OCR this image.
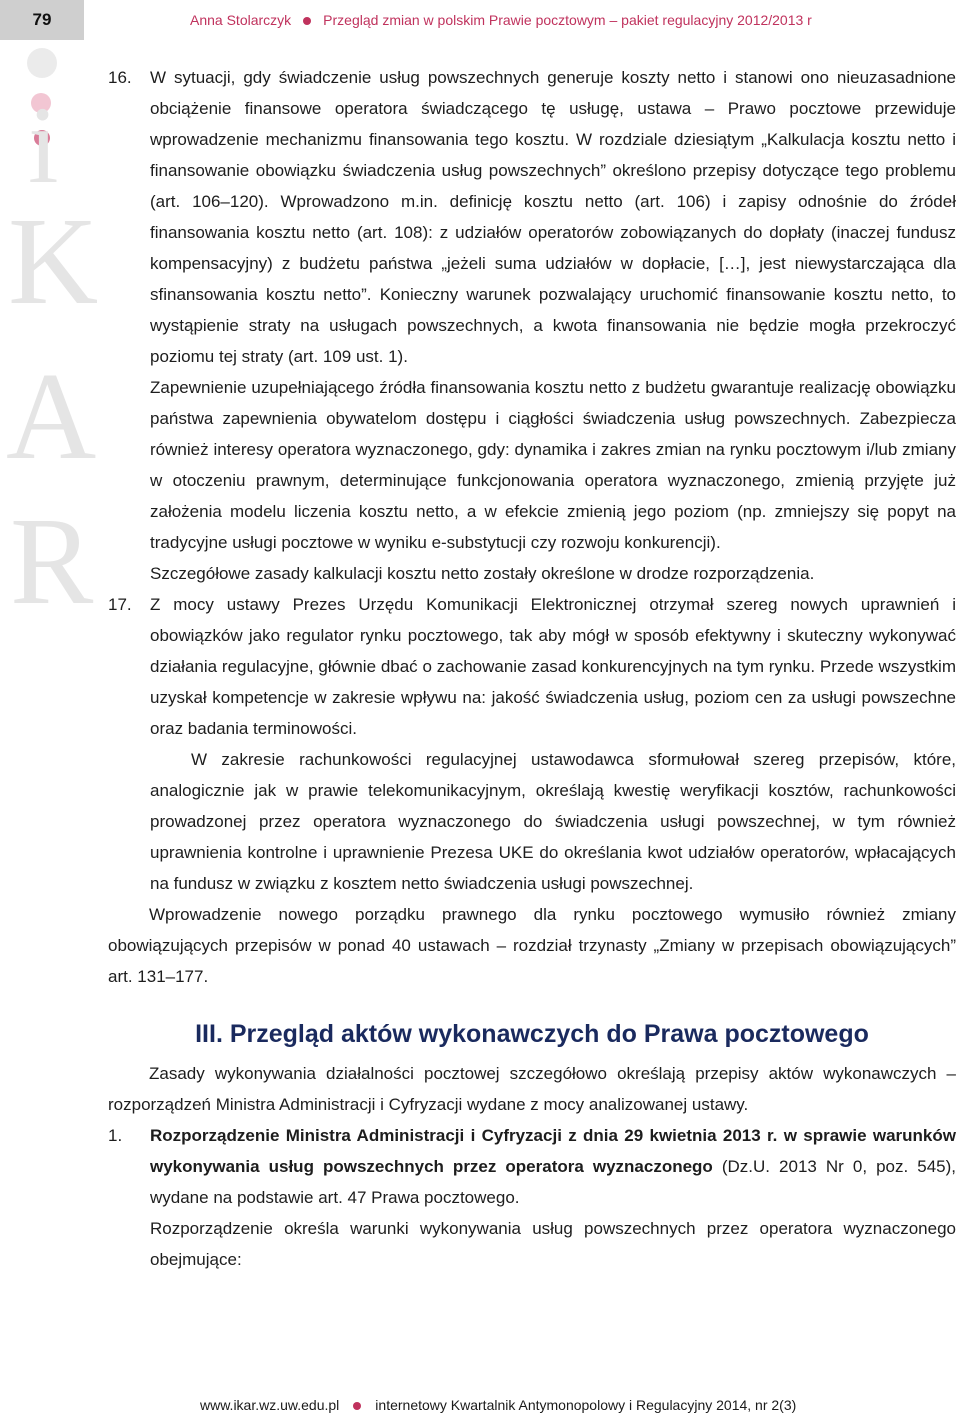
79	Anna Stolarczyk Przegląd zmian w polskim Prawie pocztowym – pakiet regulacyjny 2012/2013 r
i
K
A
R
16. W sytuacji, gdy świadczenie usług powszechnych generuje koszty netto i stanowi ono nieuzasadnione obciążenie finansowe operatora świadczącego tę usługę, ustawa – Prawo pocztowe przewiduje wprowadzenie mechanizmu finansowania tego kosztu. W rozdziale dziesiątym „Kalkulacja kosztu netto i finansowanie obowiązku świadczenia usług powszechnych” określono przepisy dotyczące tego problemu (art. 106–120). Wprowadzono m.in. definicję kosztu netto (art. 106) i zapisy odnośnie do źródeł finansowania kosztu netto (art. 108): z udziałów operatorów zobowiązanych do dopłaty (inaczej fundusz kompensacyjny) z budżetu państwa „jeżeli suma udziałów w dopłacie, […], jest niewystarczająca dla sfinansowania kosztu netto”. Konieczny warunek pozwalający uruchomić finansowanie kosztu netto, to wystąpienie straty na usługach powszechnych, a kwota finansowania nie będzie mogła przekroczyć poziomu tej straty (art. 109 ust. 1).

Zapewnienie uzupełniającego źródła finansowania kosztu netto z budżetu gwarantuje realizację obowiązku państwa zapewnienia obywatelom dostępu i ciągłości świadczenia usług powszechnych. Zabezpiecza również interesy operatora wyznaczonego, gdy: dynamika i zakres zmian na rynku pocztowym i/lub zmiany w otoczeniu prawnym, determinujące funkcjonowania operatora wyznaczonego, zmienią przyjęte już założenia modelu liczenia kosztu netto, a w efekcie zmienią jego poziom (np. zmniejszy się popyt na tradycyjne usługi pocztowe w wyniku e-substytucji czy rozwoju konkurencji).

Szczegółowe zasady kalkulacji kosztu netto zostały określone w drodze rozporządzenia.

17. Z mocy ustawy Prezes Urzędu Komunikacji Elektronicznej otrzymał szereg nowych uprawnień i obowiązków jako regulator rynku pocztowego, tak aby mógł w sposób efektywny i skuteczny wykonywać działania regulacyjne, głównie dbać o zachowanie zasad konkurencyjnych na tym rynku. Przede wszystkim uzyskał kompetencje w zakresie wpływu na: jakość świadczenia usług, poziom cen za usługi powszechne oraz badania terminowości.

W zakresie rachunkowości regulacyjnej ustawodawca sformułował szereg przepisów, które, analogicznie jak w prawie telekomunikacyjnym, określają kwestię weryfikacji kosztów, rachunkowości prowadzonej przez operatora wyznaczonego do świadczenia usługi powszechnej, w tym również uprawnienia kontrolne i uprawnienie Prezesa UKE do określania kwot udziałów operatorów, wpłacających na fundusz w związku z kosztem netto świadczenia usługi powszechnej.

Wprowadzenie nowego porządku prawnego dla rynku pocztowego wymusiło również zmiany obowiązujących przepisów w ponad 40 ustawach – rozdział trzynasty „Zmiany w przepisach obowiązujących” art. 131–177.

III. Przegląd aktów wykonawczych do Prawa pocztowego

Zasady wykonywania działalności pocztowej szczegółowo określają przepisy aktów wykonawczych – rozporządzeń Ministra Administracji i Cyfryzacji wydane z mocy analizowanej ustawy.

1. Rozporządzenie Ministra Administracji i Cyfryzacji z dnia 29 kwietnia 2013 r. w sprawie warunków wykonywania usług powszechnych przez operatora wyznaczonego (Dz.U. 2013 Nr 0, poz. 545), wydane na podstawie art. 47 Prawa pocztowego.

Rozporządzenie określa warunki wykonywania usług powszechnych przez operatora wyznaczonego obejmujące:

www.ikar.wz.uw.edu.pl	internetowy Kwartalnik Antymonopolowy i Regulacyjny 2014, nr 2(3)
